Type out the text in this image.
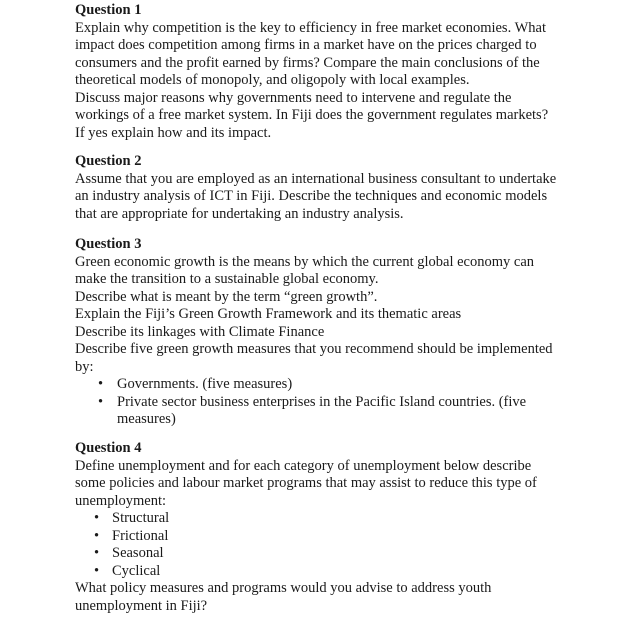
Question 1

Explain why competition is the key to efficiency in free market economies. What

impact does competition among firms in a market have on the prices charged to

consumers and the profit earned by firms? Compare the main conclusions of the

theoretical models of monopoly, and oligopoly with local examples.

Discuss major reasons why governments need to intervene and regulate the

workings of a free market system. In Fiji does the government regulates markets?

If yes explain how and its impact.

Question 2

Assume that you are employed as an international business consultant to undertake

an industry analysis of ICT in Fiji. Describe the techniques and economic models

that are appropriate for undertaking an industry analysis.

Question 3

Green economic growth is the means by which the current global economy can

make the transition to a sustainable global economy.

Describe what is meant by the term “green growth”.

Explain the Fiji’s Green Growth Framework and its thematic areas

Describe its linkages with Climate Finance

Describe five green growth measures that you recommend should be implemented

by:

• Governments. (five measures)
• Private sector business enterprises in the Pacific Island countries. (five
measures)

Question 4

Define unemployment and for each category of unemployment below describe

some policies and labour market programs that may assist to reduce this type of

unemployment:

• Structural
• Frictional
• Seasonal
• Cyclical

What policy measures and programs would you advise to address youth

unemployment in Fiji?
